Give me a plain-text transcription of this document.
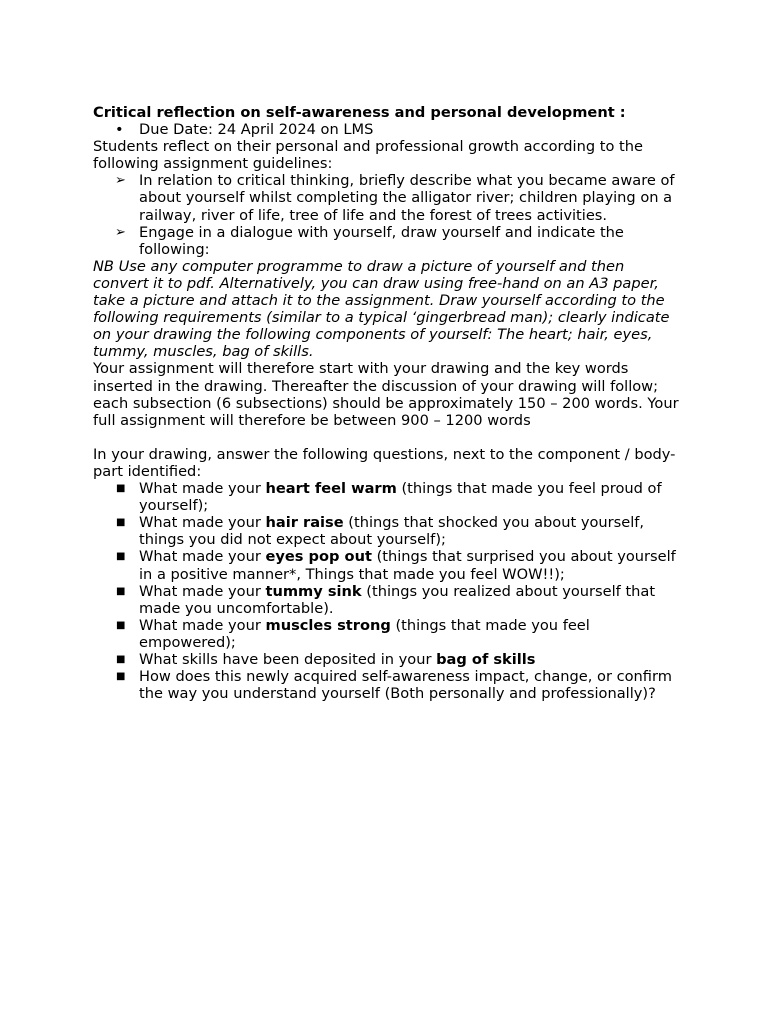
Critical reflection on self-awareness and personal development :

•	Due Date: 24 April 2024 on LMS

Students reflect on their personal and professional growth according to the following assignment guidelines:

➢ In relation to critical thinking, briefly describe what you became aware of about yourself whilst completing the alligator river; children playing on a railway, river of life, tree of life and the forest of trees activities.
➢ Engage in a dialogue with yourself, draw yourself and indicate the following:

NB Use any computer programme to draw a picture of yourself and then convert it to pdf. Alternatively, you can draw using free-hand on an A3 paper, take a picture and attach it to the assignment. Draw yourself according to the following requirements (similar to a typical ‘gingerbread man); clearly indicate on your drawing the following components of yourself: The heart; hair, eyes, tummy, muscles, bag of skills.

Your assignment will therefore start with your drawing and the key words inserted in the drawing. Thereafter the discussion of your drawing will follow; each subsection (6 subsections) should be approximately 150 – 200 words. Your full assignment will therefore be between 900 – 1200 words

In your drawing, answer the following questions, next to the component / body-part identified:

■ What made your heart feel warm (things that made you feel proud of yourself);
■ What made your hair raise (things that shocked you about yourself, things you did not expect about yourself);
■ What made your eyes pop out (things that surprised you about yourself in a positive manner*, Things that made you feel WOW!!);
■ What made your tummy sink (things you realized about yourself that made you uncomfortable).
■ What made your muscles strong (things that made you feel empowered);
■ What skills have been deposited in your bag of skills
■ How does this newly acquired self-awareness impact, change, or confirm the way you understand yourself (Both personally and professionally)?
